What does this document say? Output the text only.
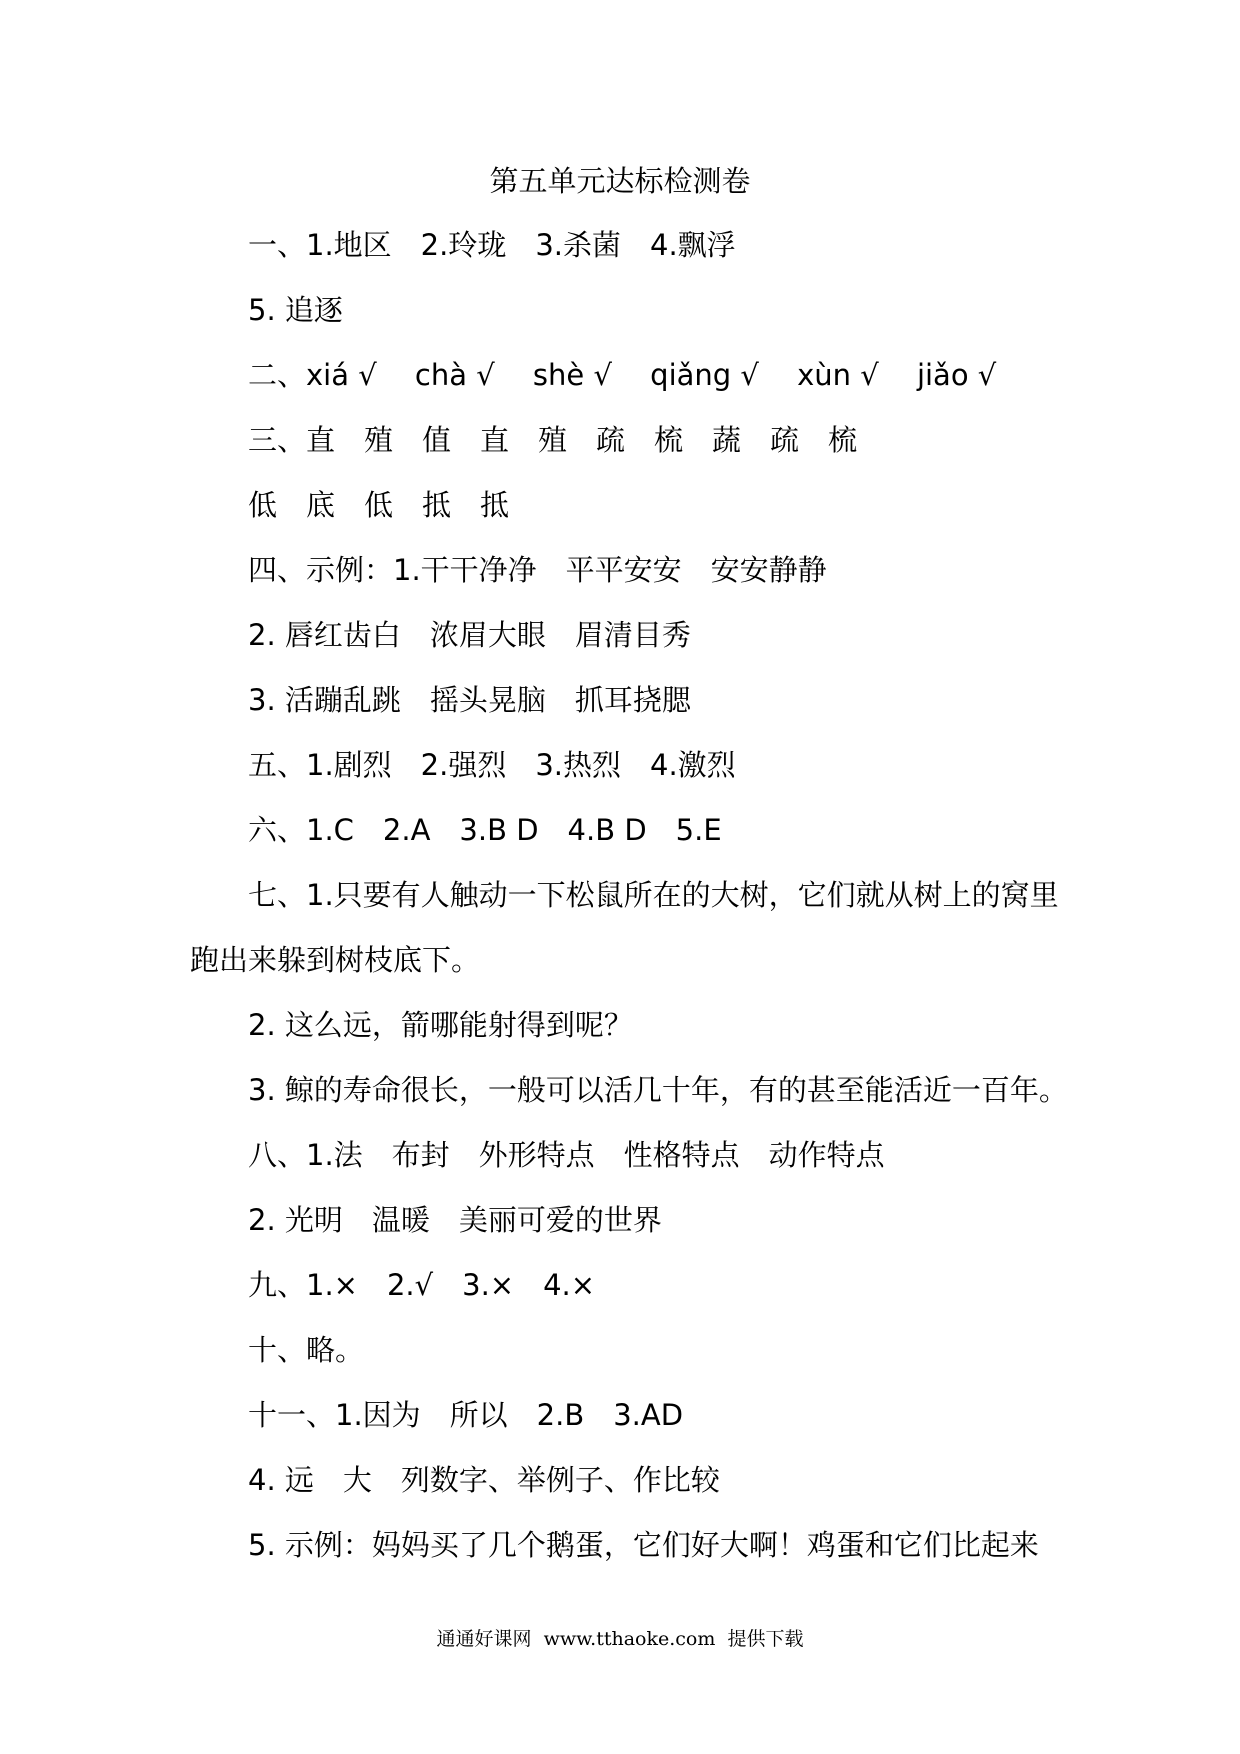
第五单元达标检测卷
一、1.地区　2.玲珑　3.杀菌　4.飘浮
5. 追逐
二、xiá √　 chà √　 shè √　 qiǎng √　 xùn √　 jiǎo √
三、直　殖　值　直　殖　疏　梳　蔬　疏　梳
低　底　低　抵　抵
四、示例：1.干干净净　平平安安　安安静静
2. 唇红齿白　浓眉大眼　眉清目秀
3. 活蹦乱跳　摇头晃脑　抓耳挠腮
五、1.剧烈　2.强烈　3.热烈　4.激烈
六、1.C　2.A　3.B D　4.B D　5.E
七、1.只要有人触动一下松鼠所在的大树，它们就从树上的窝里
跑出来躲到树枝底下。
2. 这么远，箭哪能射得到呢？
3. 鲸的寿命很长，一般可以活几十年，有的甚至能活近一百年。
八、1.法　布封　外形特点　性格特点　动作特点
2. 光明　温暖　美丽可爱的世界
九、1.×　2.√　3.×　4.×
十、略。
十一、1.因为　所以　2.B　3.AD
4. 远　大　列数字、举例子、作比较
5. 示例：妈妈买了几个鹅蛋，它们好大啊！鸡蛋和它们比起来
通通好课网  www.tthaoke.com  提供下载
